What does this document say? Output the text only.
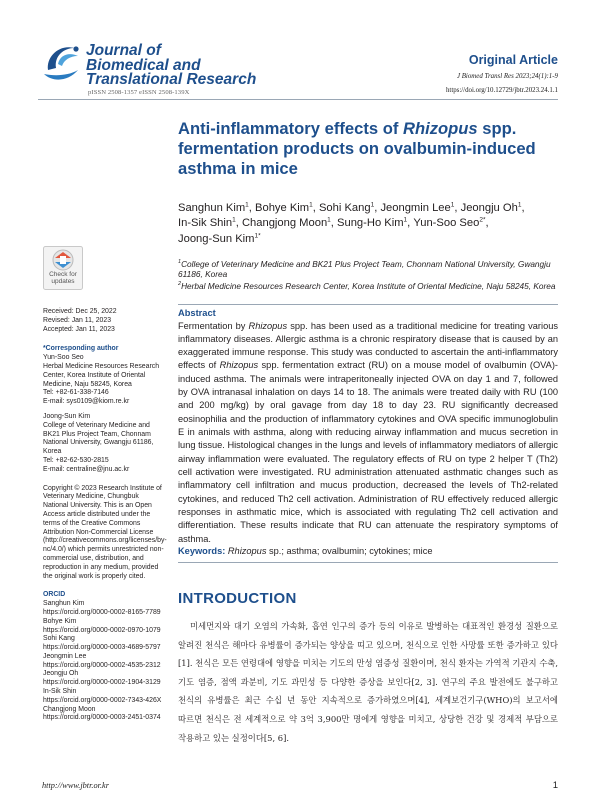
Journal of
Biomedical and
Translational Research
pISSN 2508-1357 eISSN 2508-139X
Original Article
J Biomed Transl Res 2023;24(1):1-9
https://doi.org/10.12729/jbtr.2023.24.1.1
Anti-inflammatory effects of Rhizopus spp. fermentation products on ovalbumin-induced asthma in mice
Sanghun Kim$^1$, Bohye Kim$^1$, Sohi Kang$^1$, Jeongmin Lee$^1$, Jeongju Oh$^1$,
In-Sik Shin$^1$, Changjong Moon$^1$, Sung-Ho Kim$^1$, Yun-Soo Seo$^{2*}$,
Joong-Sun Kim$^{1*}$
$^1$College of Veterinary Medicine and BK21 Plus Project Team, Chonnam National University, Gwangju 61186, Korea
$^2$Herbal Medicine Resources Research Center, Korea Institute of Oriental Medicine, Naju 58245, Korea
Check for
updates
Received: Dec 25, 2022
Revised: Jan 11, 2023
Accepted: Jan 11, 2023
*Corresponding author
Yun-Soo Seo
Herbal Medicine Resources Research Center, Korea Institute of Oriental Medicine, Naju 58245, Korea
Tel: +82-61-338-7146
E-mail: sys0109@kiom.re.kr
Joong-Sun Kim
College of Veterinary Medicine and BK21 Plus Project Team, Chonnam National University, Gwangju 61186, Korea
Tel: +82-62-530-2815
E-mail: centraline@jnu.ac.kr
Copyright © 2023 Research Institute of Veterinary Medicine, Chungbuk National University. This is an Open Access article distributed under the terms of the Creative Commons Attribution Non-Commercial License (http://creativecommons.org/licenses/by-nc/4.0/) which permits unrestricted non-commercial use, distribution, and reproduction in any medium, provided the original work is properly cited.
ORCID
Sanghun Kim
https://orcid.org/0000-0002-8165-7789
Bohye Kim
https://orcid.org/0000-0002-0970-1079
Sohi Kang
https://orcid.org/0000-0003-4689-5797
Jeongmin Lee
https://orcid.org/0000-0002-4535-2312
Jeongju Oh
https://orcid.org/0000-0002-1904-3129
In-Sik Shin
https://orcid.org/0000-0002-7343-426X
Changjong Moon
https://orcid.org/0000-0003-2451-0374
Abstract
Fermentation by Rhizopus spp. has been used as a traditional medicine for treating various inflammatory diseases. Allergic asthma is a chronic respiratory disease that is caused by an exaggerated immune response. This study was conducted to ascertain the anti-inflammatory effects of Rhizopus spp. fermentation extract (RU) on a mouse model of ovalbumin (OVA)-induced asthma. The animals were intraperitoneally injected OVA on day 1 and 7, followed by OVA intranasal inhalation on days 14 to 18. The animals were treated daily with RU (100 and 200 mg/kg) by oral gavage from day 18 to day 23. RU significantly decreased eosinophilia and the production of inflammatory cytokines and OVA specific immunoglobulin E in animals with asthma, along with reducing airway inflammation and mucus secretion in lung tissue. Histological changes in the lungs and levels of inflammatory mediators of allergic airway inflammation were evaluated. The regulatory effects of RU on type 2 helper T (Th2) cell activation were investigated. RU administration attenuated asthmatic changes such as inflammatory cell infiltration and mucus production, decreased the levels of Th2-related cytokines, and reduced Th2 cell activation. Administration of RU effectively reduced allergic responses in asthmatic mice, which is associated with regulating Th2 cell activation and differentiation. These results indicate that RU can attenuate the respiratory symptoms of asthma.
Keywords: Rhizopus sp.; asthma; ovalbumin; cytokines; mice
INTRODUCTION
미세먼지와 대기 오염의 가속화, 흡연 인구의 증가 등의 이유로 발병하는 대표적인 환경성 질환으로 알려진 천식은 해마다 유병률이 증가되는 양상을 띠고 있으며, 천식으로 인한 사망률 또한 증가하고 있다[1]. 천식은 모든 연령대에 영향을 미치는 기도의 만성 염증성 질환이며, 천식 환자는 가역적 기관지 수축, 기도 염증, 점액 과분비, 기도 과민성 등 다양한 증상을 보인다[2, 3]. 연구의 주요 발전에도 불구하고 천식의 유병률은 최근 수십 년 동안 지속적으로 증가하였으며[4], 세계보건기구(WHO)의 보고서에 따르면 천식은 전 세계적으로 약 3억 3,900만 명에게 영향을 미치고, 상당한 건강 및 경제적 부담으로 작용하고 있는 실정이다[5, 6].
http://www.jbtr.or.kr	1
